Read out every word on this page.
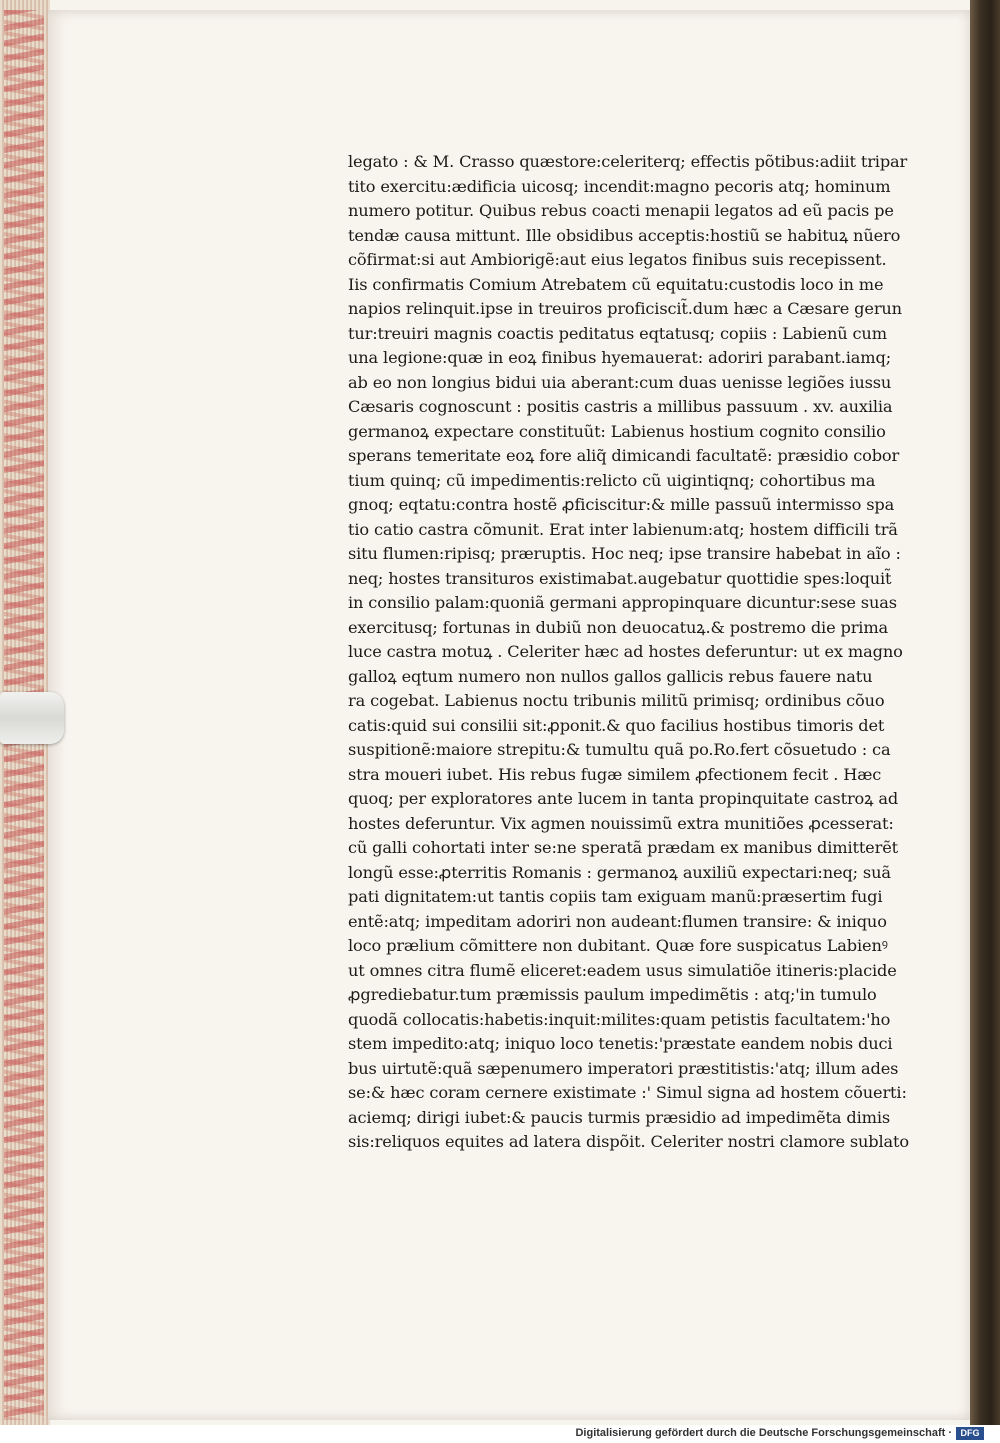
legato : & M. Crasso quæstore:celeriterq; effectis põtibus:adiit tripar
tito exercitu:ædificia uicosq; incendit:magno pecoris atq; hominum
numero potitur. Quibus rebus coacti menapii legatos ad eũ pacis pe
tendæ causa mittunt. Ille obsidibus acceptis:hostiũ se habituꝝ nũero
cõfirmat:si aut Ambiorigẽ:aut eius legatos finibus suis recepissent.
Iis confirmatis Comium Atrebatem cũ equitatu:custodis loco in me
napios relinquit.ipse in treuiros proficiscit̃.dum hæc a Cæsare gerun
tur:treuiri magnis coactis peditatus eqtatusq; copiis : Labienũ cum
una legione:quæ in eoꝝ finibus hyemauerat: adoriri parabant.iamq;
ab eo non longius bidui uia aberant:cum duas uenisse legiões iussu
Cæsaris cognoscunt : positis castris a millibus passuum . xv. auxilia
germanoꝝ expectare constituũt: Labienus hostium cognito consilio
sperans temeritate eoꝝ fore aliq̃ dimicandi facultatẽ: præsidio cobor
tium quinq; cũ impedimentis:relicto cũ uigintiqnq; cohortibus ma
gnoq; eqtatu:contra hostẽ ꝓficiscitur:& mille passuũ intermisso spa
tio catio castra cõmunit. Erat inter labienum:atq; hostem difficili trã
situ flumen:ripisq; præruptis. Hoc neq; ipse transire habebat in aĩo :
neq; hostes transituros existimabat.augebatur quottidie spes:loquit̃
in consilio palam:quoniã germani appropinquare dicuntur:sese suas
exercitusq; fortunas in dubiũ non deuocatuꝝ.& postremo die prima
luce castra motuꝝ . Celeriter hæc ad hostes deferuntur: ut ex magno
galloꝝ eqtum numero non nullos gallos gallicis rebus fauere natu
ra cogebat. Labienus noctu tribunis militũ primisq; ordinibus cõuo
catis:quid sui consilii sit:ꝓponit.& quo facilius hostibus timoris det
suspitionẽ:maiore strepitu:& tumultu quã po.Ro.fert cõsuetudo : ca
stra moueri iubet. His rebus fugæ similem ꝓfectionem fecit . Hæc
quoq; per exploratores ante lucem in tanta propinquitate castroꝝ ad
hostes deferuntur. Vix agmen nouissimũ extra munitiões ꝓcesserat:
cũ galli cohortati inter se:ne speratã prædam ex manibus dimitterẽt
longũ esse:ꝓterritis Romanis : germanoꝝ auxiliũ expectari:neq; suã
pati dignitatem:ut tantis copiis tam exiguam manũ:præsertim fugi
entẽ:atq; impeditam adoriri non audeant:flumen transire: & iniquo
loco prælium cõmittere non dubitant. Quæ fore suspicatus Labienꝰ
ut omnes citra flumẽ eliceret:eadem usus simulatiõe itineris:placide
ꝓgrediebatur.tum præmissis paulum impedimẽtis : atq;'in tumulo
quodã collocatis:habetis:inquit:milites:quam petistis facultatem:'ho
stem impedito:atq; iniquo loco tenetis:'præstate eandem nobis duci
bus uirtutẽ:quã sæpenumero imperatori præstitistis:'atq; illum ades
se:& hæc coram cernere existimate :' Simul signa ad hostem cõuerti:
aciemq; dirigi iubet:& paucis turmis præsidio ad impedimẽta dimis
sis:reliquos equites ad latera dispõit. Celeriter nostri clamore sublato
Digitalisierung gefördert durch die Deutsche Forschungsgemeinschaft · DFG
